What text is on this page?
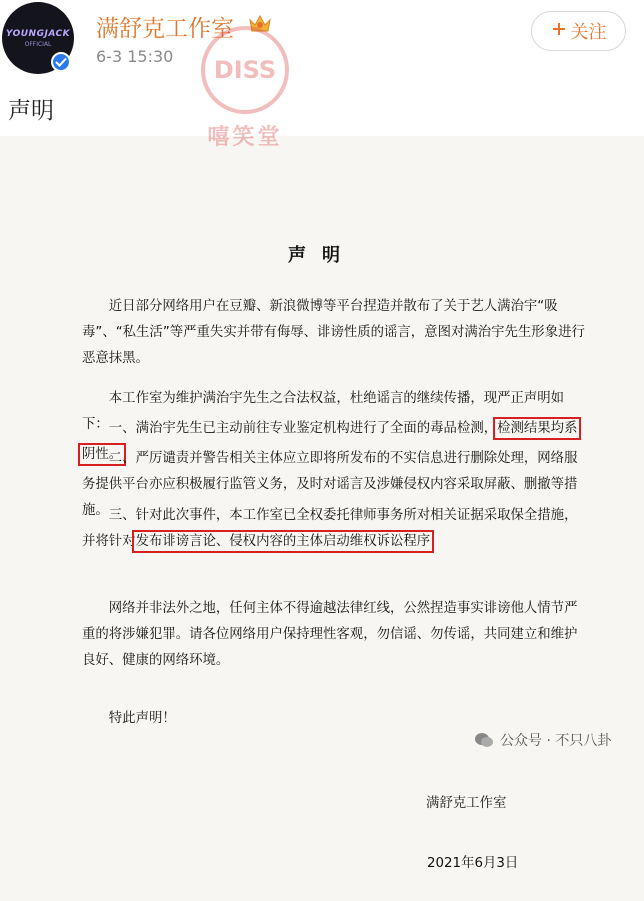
YOUNGJACK
OFFICIAL
满舒克工作室
6-3 15:30
关注
声明
DISS
嘻笑堂
声明

近日部分网络用户在豆瓣、新浪微博等平台捏造并散布了关于艺人满治宇“吸毒”、“私生活”等严重失实并带有侮辱、诽谤性质的谣言，意图对满治宇先生形象进行恶意抹黑。

本工作室为维护满治宇先生之合法权益，杜绝谣言的继续传播，现严正声明如下： 一、满治宇先生已主动前往专业鉴定机构进行了全面的毒品检测，检测结果均系阴性。

二、严厉谴责并警告相关主体应立即将所发布的不实信息进行删除处理，网络服务提供平台亦应积极履行监管义务，及时对谣言及涉嫌侵权内容采取屏蔽、删撤等措施。 三、针对此次事件，本工作室已全权委托律师事务所对相关证据采取保全措施，并将针对发布诽谤言论、侵权内容的主体启动维权诉讼程序

网络并非法外之地，任何主体不得逾越法律红线，公然捏造事实诽谤他人情节严重的将涉嫌犯罪。请各位网络用户保持理性客观，勿信谣、勿传谣，共同建立和维护良好、健康的网络环境。

特此声明！

满舒克工作室
2021年6月3日
公众号 · 不只八卦
